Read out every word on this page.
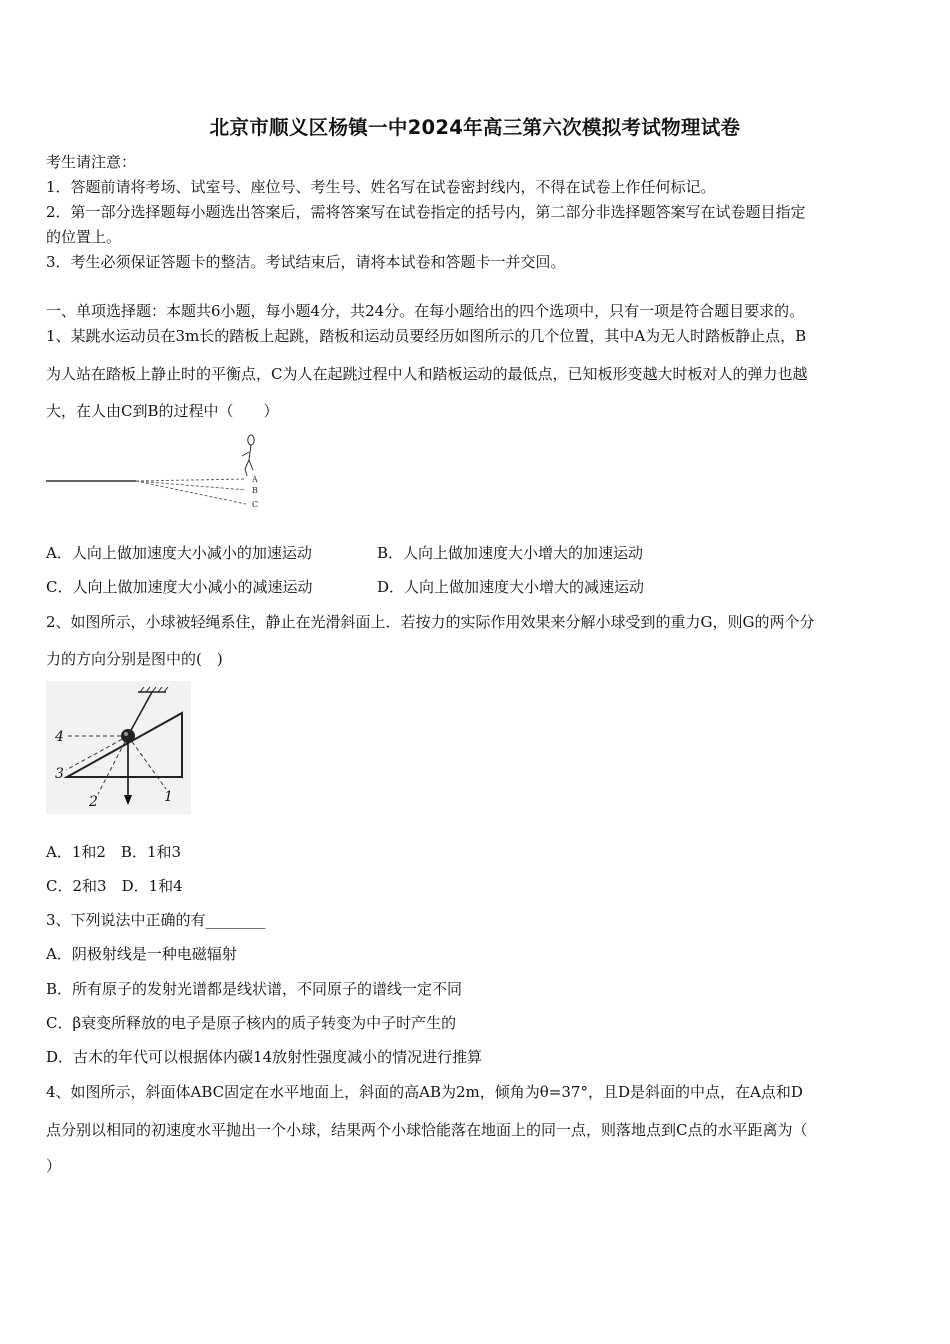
北京市顺义区杨镇一中2024年高三第六次模拟考试物理试卷
考生请注意：
1．答题前请将考场、试室号、座位号、考生号、姓名写在试卷密封线内，不得在试卷上作任何标记。
2．第一部分选择题每小题选出答案后，需将答案写在试卷指定的括号内，第二部分非选择题答案写在试卷题目指定
的位置上。
3．考生必须保证答题卡的整洁。考试结束后，请将本试卷和答题卡一并交回。
一、单项选择题：本题共6小题，每小题4分，共24分。在每小题给出的四个选项中，只有一项是符合题目要求的。
1、某跳水运动员在3m长的踏板上起跳，踏板和运动员要经历如图所示的几个位置，其中A为无人时踏板静止点，B
为人站在踏板上静止时的平衡点，C为人在起跳过程中人和踏板运动的最低点，已知板形变越大时板对人的弹力也越
大，在人由C到B的过程中（　　）
A
B
C
A．人向上做加速度大小减小的加速运动	B．人向上做加速度大小增大的加速运动
C．人向上做加速度大小减小的减速运动	D．人向上做加速度大小增大的减速运动
2、如图所示，小球被轻绳系住，静止在光滑斜面上．若按力的实际作用效果来分解小球受到的重力G，则G的两个分
力的方向分别是图中的(　)
4
3
2	1
A．1和2　B．1和3
C．2和3　D．1和4
3、下列说法中正确的有________
A．阴极射线是一种电磁辐射
B．所有原子的发射光谱都是线状谱，不同原子的谱线一定不同
C．β衰变所释放的电子是原子核内的质子转变为中子时产生的
D．古木的年代可以根据体内碳14放射性强度减小的情况进行推算
4、如图所示，斜面体ABC固定在水平地面上，斜面的高AB为2m，倾角为θ=37°，且D是斜面的中点，在A点和D
点分别以相同的初速度水平抛出一个小球，结果两个小球恰能落在地面上的同一点，则落地点到C点的水平距离为（
）
